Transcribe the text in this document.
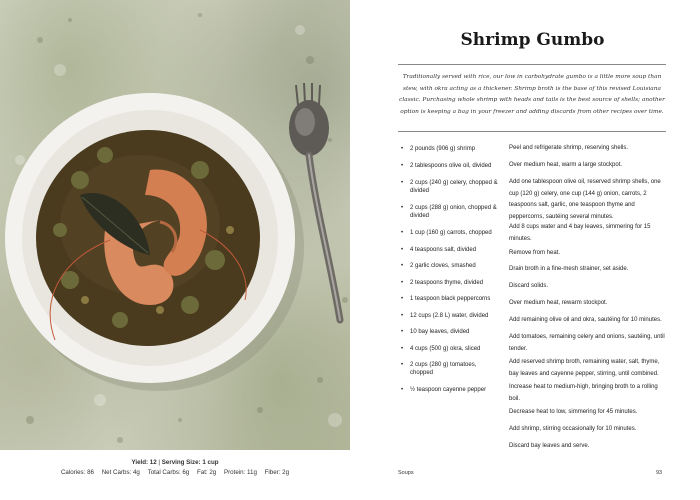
Yield: 12 | Serving Size: 1 cup
Calories: 86 Net Carbs: 4g Total Carbs: 6g Fat: 2g Protein: 11g Fiber: 2g
Shrimp Gumbo
Traditionally served with rice, our low in carbohydrate gumbo is a little more soup than stew, with okra acting as a thickener. Shrimp broth is the base of this revised Louisiana classic. Purchasing whole shrimp with heads and tails is the best source of shells; another option is keeping a bag in your freezer and adding discards from other recipes over time.
• 2 pounds (906 g) shrimp
• 2 tablespoons olive oil, divided
• 2 cups (240 g) celery, chopped & divided
• 2 cups (288 g) onion, chopped & divided
• 1 cup (160 g) carrots, chopped
• 4 teaspoons salt, divided
• 2 garlic cloves, smashed
• 2 teaspoons thyme, divided
• 1 teaspoon black peppercorns
• 12 cups (2.8 L) water, divided
• 10 bay leaves, divided
• 4 cups (500 g) okra, sliced
• 2 cups (280 g) tomatoes, chopped
• ½ teaspoon cayenne pepper
Peel and refrigerate shrimp, reserving shells.
Over medium heat, warm a large stockpot.
Add one tablespoon olive oil, reserved shrimp shells, one cup (120 g) celery, one cup (144 g) onion, carrots, 2 teaspoons salt, garlic, one teaspoon thyme and peppercorns, sautéing several minutes.
Add 8 cups water and 4 bay leaves, simmering for 15 minutes.
Remove from heat.
Drain broth in a fine-mesh strainer, set aside.
Discard solids.
Over medium heat, rewarm stockpot.
Add remaining olive oil and okra, sautéing for 10 minutes.
Add tomatoes, remaining celery and onions, sautéing, until tender.
Add reserved shrimp broth, remaining water, salt, thyme, bay leaves and cayenne pepper, stirring, until combined.
Increase heat to medium-high, bringing broth to a rolling boil.
Decrease heat to low, simmering for 45 minutes.
Add shrimp, stirring occasionally for 10 minutes.
Discard bay leaves and serve.
Soups	93
